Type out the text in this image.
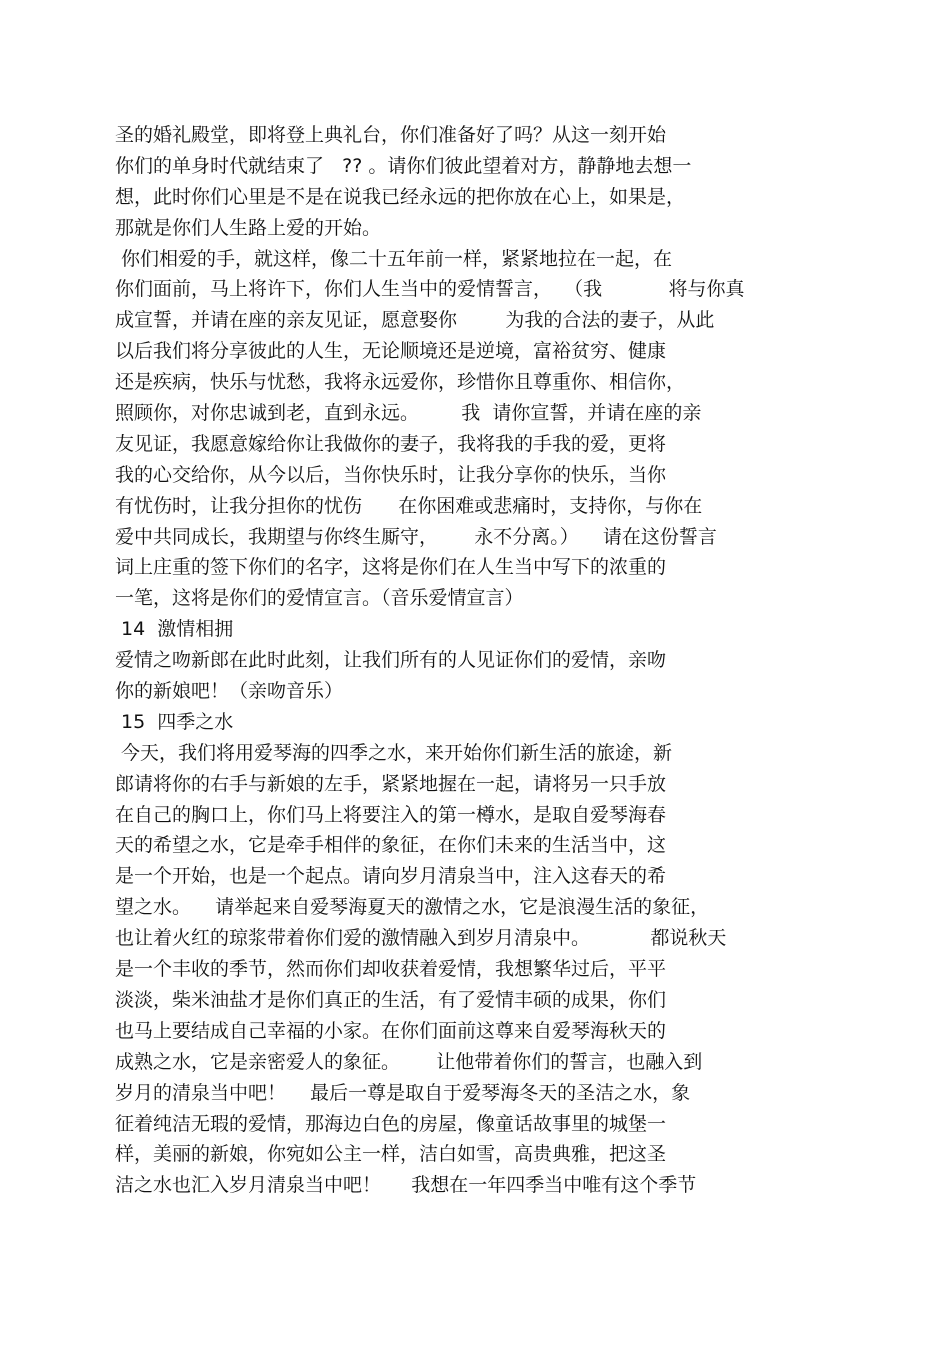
圣的婚礼殿堂，即将登上典礼台，你们准备好了吗？从这一刻开始
你们的单身时代就结束了   ?? 。请你们彼此望着对方，静静地去想一
想，此时你们心里是不是在说我已经永远的把你放在心上，如果是，
那就是你们人生路上爱的开始。
你们相爱的手，就这样，像二十五年前一样，紧紧地拉在一起，在
你们面前，马上将许下，你们人生当中的爱情誓言，  （我           将与你真
成宣誓，并请在座的亲友见证，愿意娶你        为我的合法的妻子，从此
以后我们将分享彼此的人生，无论顺境还是逆境，富裕贫穷、健康
还是疾病，快乐与忧愁，我将永远爱你，珍惜你且尊重你、相信你，
照顾你，对你忠诚到老，直到永远。       我  请你宣誓，并请在座的亲
友见证，我愿意嫁给你让我做你的妻子，我将我的手我的爱，更将
我的心交给你，从今以后，当你快乐时，让我分享你的快乐，当你
有忧伤时，让我分担你的忧伤      在你困难或悲痛时，支持你，与你在
爱中共同成长，我期望与你终生厮守，      永不分离。）    请在这份誓言
词上庄重的签下你们的名字，这将是你们在人生当中写下的浓重的
一笔，这将是你们的爱情宣言。（音乐爱情宣言）
14  激情相拥
爱情之吻新郎在此时此刻，让我们所有的人见证你们的爱情，亲吻
你的新娘吧！（亲吻音乐）
15  四季之水
今天，我们将用爱琴海的四季之水，来开始你们新生活的旅途，新
郎请将你的右手与新娘的左手，紧紧地握在一起，请将另一只手放
在自己的胸口上，你们马上将要注入的第一樽水，是取自爱琴海春
天的希望之水，它是牵手相伴的象征，在你们未来的生活当中，这
是一个开始，也是一个起点。请向岁月清泉当中，注入这春天的希
望之水。    请举起来自爱琴海夏天的激情之水，它是浪漫生活的象征，
也让着火红的琼浆带着你们爱的激情融入到岁月清泉中。          都说秋天
是一个丰收的季节，然而你们却收获着爱情，我想繁华过后，平平
淡淡，柴米油盐才是你们真正的生活，有了爱情丰硕的成果，你们
也马上要结成自己幸福的小家。在你们面前这尊来自爱琴海秋天的
成熟之水，它是亲密爱人的象征。      让他带着你们的誓言，也融入到
岁月的清泉当中吧！    最后一尊是取自于爱琴海冬天的圣洁之水，象
征着纯洁无瑕的爱情，那海边白色的房屋，像童话故事里的城堡一
样，美丽的新娘，你宛如公主一样，洁白如雪，高贵典雅，把这圣
洁之水也汇入岁月清泉当中吧！     我想在一年四季当中唯有这个季节
